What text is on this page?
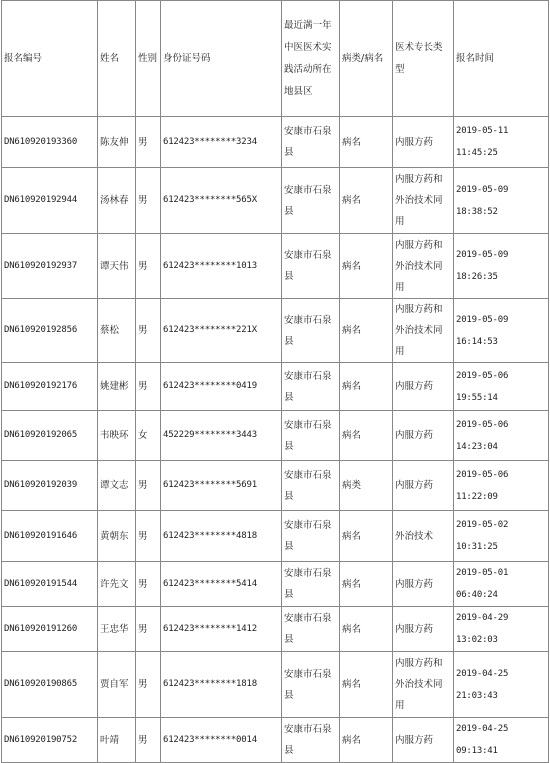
报名编号	姓名	性别	身份证号码	最近满一年中医医术实践活动所在地县区	病类/病名	医术专长类型	报名时间
DN610920193360	陈友伸	男	612423********3234	安康市石泉县	病名	内服方药	2019-05-11
11:45:25

DN610920192944	汤林春	男	612423********565X	安康市石泉县	病名	内服方药和外治技术同用	2019-05-09
18:38:52

DN610920192937	谭天伟	男	612423********1013	安康市石泉县	病名	内服方药和外治技术同用	2019-05-09
18:26:35

DN610920192856	蔡松	男	612423********221X	安康市石泉县	病名	内服方药和外治技术同用	2019-05-09
16:14:53

DN610920192176	姚建彬	男	612423********0419	安康市石泉县	病名	内服方药	2019-05-06
19:55:14

DN610920192065	韦映环	女	452229********3443	安康市石泉县	病名	内服方药	2019-05-06
14:23:04

DN610920192039	谭文志	男	612423********5691	安康市石泉县	病类	内服方药	2019-05-06
11:22:09

DN610920191646	黄朝东	男	612423********4818	安康市石泉县	病名	外治技术	2019-05-02
10:31:25

DN610920191544	许先文	男	612423********5414	安康市石泉县	病名	内服方药	2019-05-01
06:40:24

DN610920191260	王忠华	男	612423********1412	安康市石泉县	病名	内服方药	2019-04-29
13:02:03

DN610920190865	贾自军	男	612423********1818	安康市石泉县	病名	内服方药和外治技术同用	2019-04-25
21:03:43

DN610920190752	叶靖	男	612423********0014	安康市石泉县	病名	内服方药	2019-04-25
09:13:41
